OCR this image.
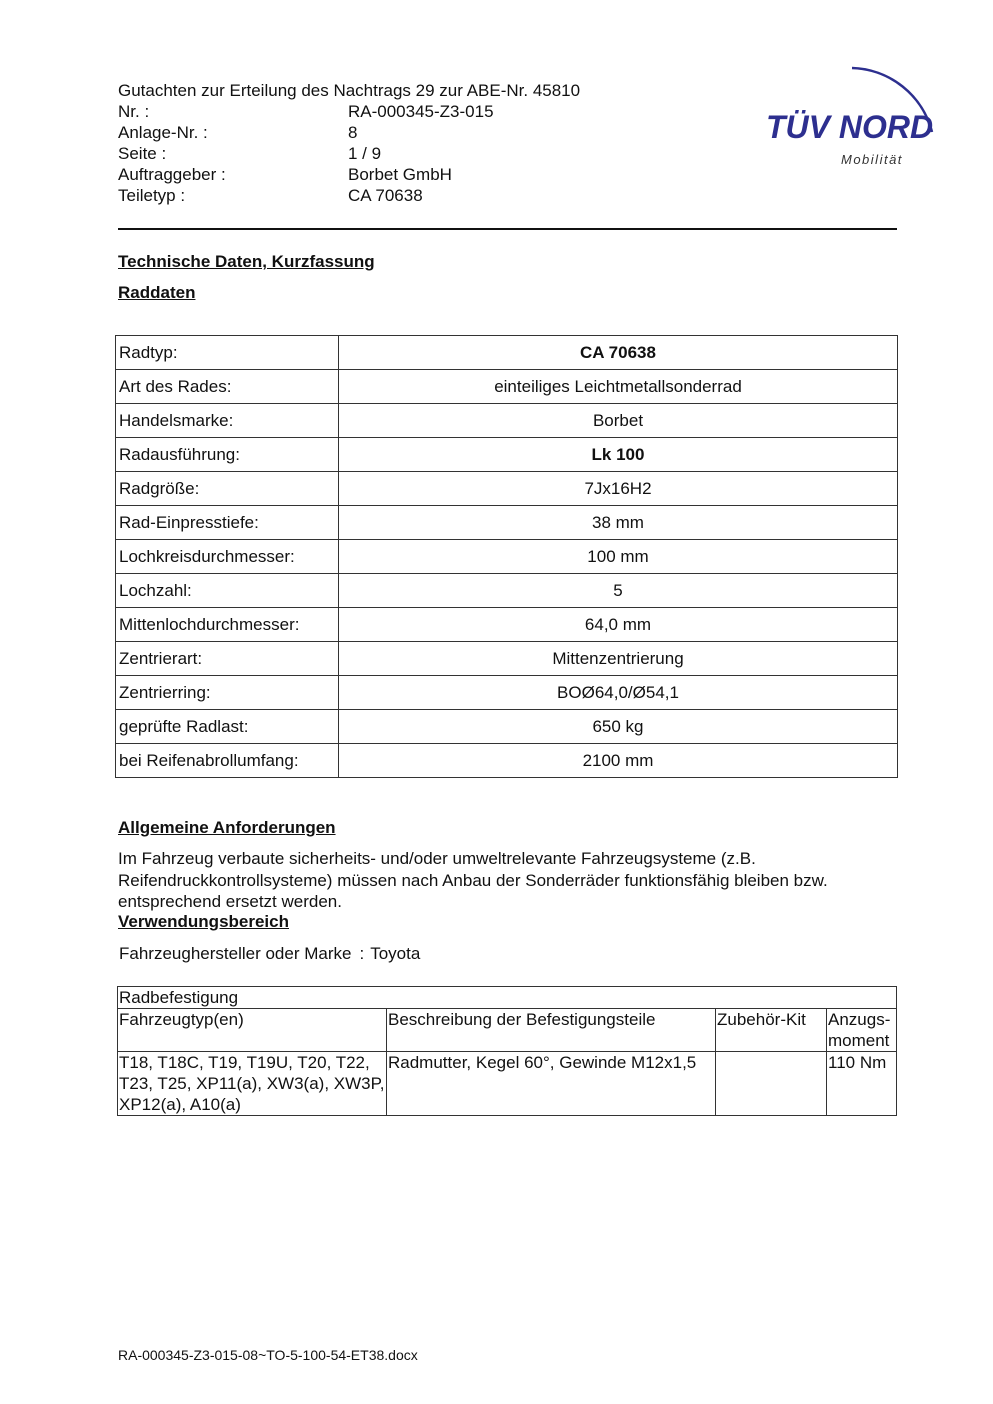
Gutachten zur Erteilung des Nachtrags 29 zur ABE-Nr. 45810
Nr. :	RA-000345-Z3-015
Anlage-Nr. :	8
Seite :	1 / 9
Auftraggeber :	Borbet GmbH
Teiletyp :	CA 70638
TÜV NORD
Mobilität
Technische Daten, Kurzfassung
Raddaten
Radtyp:	CA 70638
Art des Rades:	einteiliges Leichtmetallsonderrad
Handelsmarke:	Borbet
Radausführung:	Lk 100
Radgröße:	7Jx16H2
Rad-Einpresstiefe:	38 mm
Lochkreisdurchmesser:	100 mm
Lochzahl:	5
Mittenlochdurchmesser:	64,0 mm
Zentrierart:	Mittenzentrierung
Zentrierring:	BOØ64,0/Ø54,1
geprüfte Radlast:	650 kg
bei Reifenabrollumfang:	2100 mm
Allgemeine Anforderungen
Im Fahrzeug verbaute sicherheits- und/oder umweltrelevante Fahrzeugsysteme (z.B. Reifendruckkontrollsysteme) müssen nach Anbau der Sonderräder funktionsfähig bleiben bzw. entsprechend ersetzt werden.
Verwendungsbereich
Fahrzeughersteller oder Marke : Toyota
Radbefestigung			
Fahrzeugtyp(en)	Beschreibung der Befestigungsteile	Zubehör-Kit	Anzugs-moment
T18, T18C, T19, T19U, T20, T22, T23, T25, XP11(a), XW3(a), XW3P, XP12(a), A10(a)	Radmutter, Kegel 60°, Gewinde M12x1,5		110 Nm
RA-000345-Z3-015-08~TO-5-100-54-ET38.docx
